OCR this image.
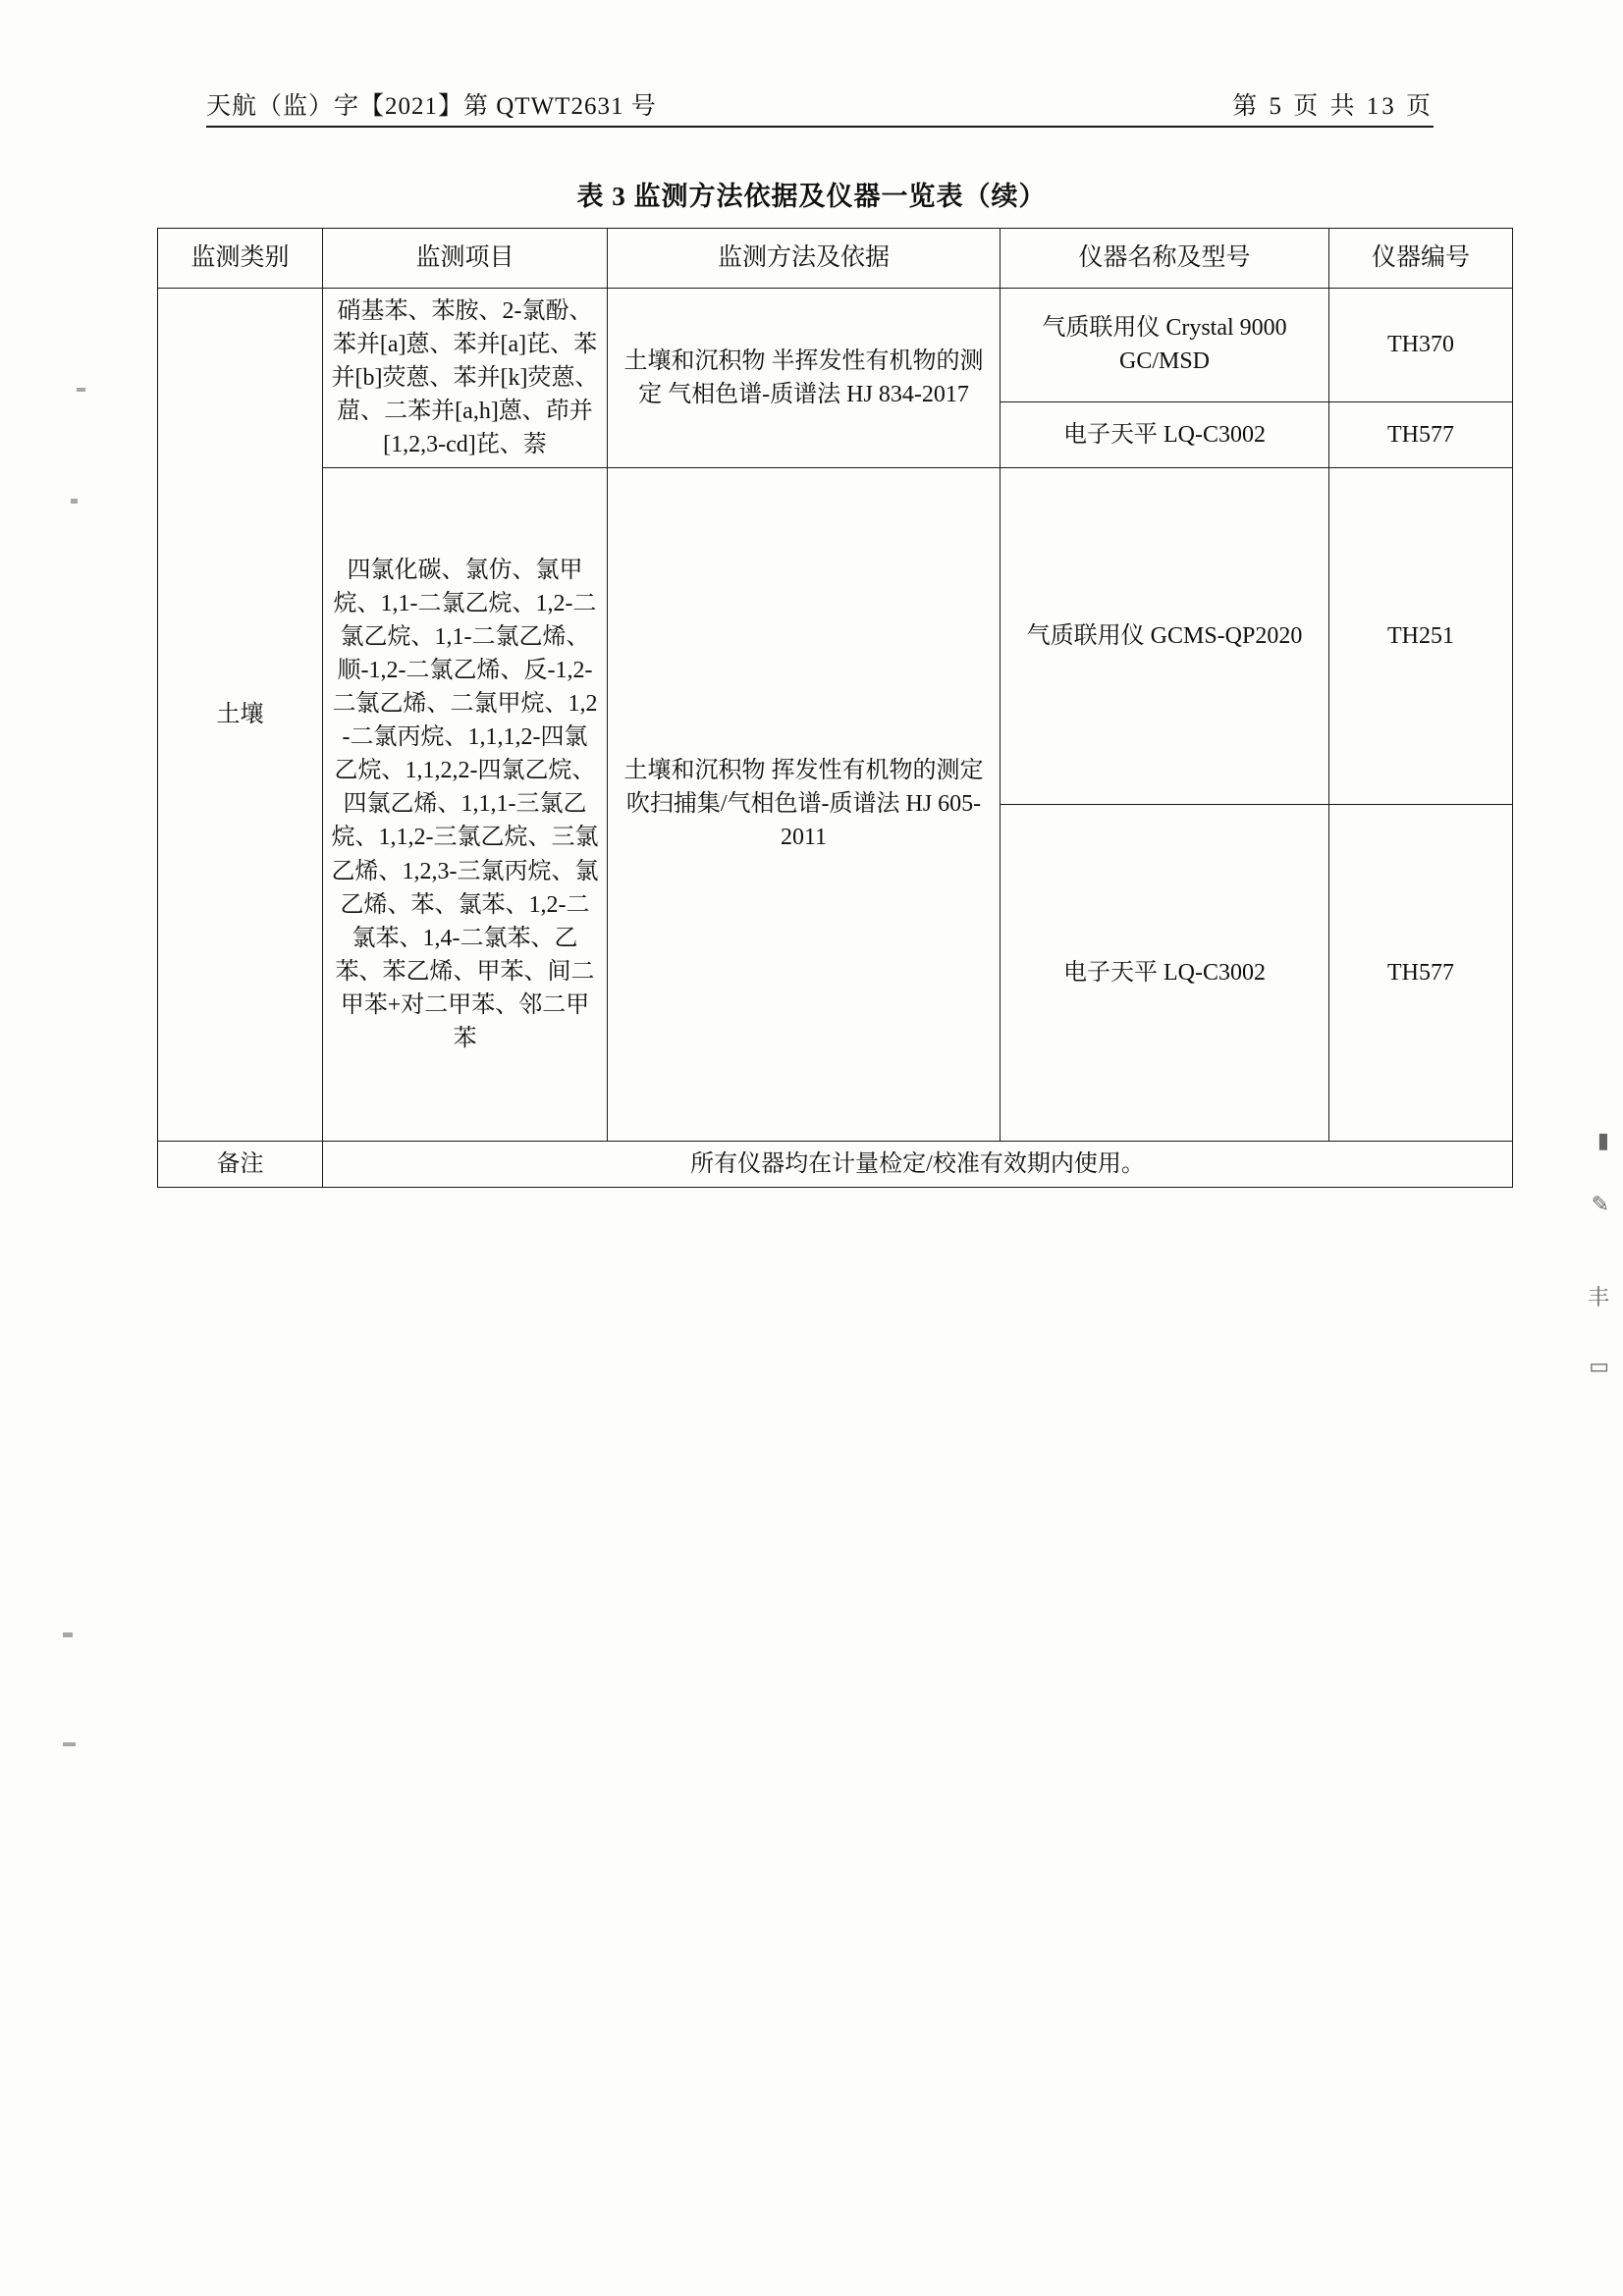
天航（监）字【2021】第 QTWT2631 号	第 5 页 共 13 页
表 3 监测方法依据及仪器一览表（续）
监测类别	监测项目	监测方法及依据	仪器名称及型号	仪器编号
土壤	硝基苯、苯胺、2-氯酚、苯并[a]蒽、苯并[a]芘、苯并[b]荧蒽、苯并[k]荧蒽、䓛、二苯并[a,h]蒽、茚并[1,2,3-cd]芘、萘	土壤和沉积物 半挥发性有机物的测定 气相色谱-质谱法 HJ 834-2017	气质联用仪 Crystal 9000 GC/MSD	TH370
			电子天平 LQ-C3002	TH577
	四氯化碳、氯仿、氯甲烷、1,1-二氯乙烷、1,2-二氯乙烷、1,1-二氯乙烯、顺-1,2-二氯乙烯、反-1,2-二氯乙烯、二氯甲烷、1,2-二氯丙烷、1,1,1,2-四氯乙烷、1,1,2,2-四氯乙烷、四氯乙烯、1,1,1-三氯乙烷、1,1,2-三氯乙烷、三氯乙烯、1,2,3-三氯丙烷、氯乙烯、苯、氯苯、1,2-二氯苯、1,4-二氯苯、乙苯、苯乙烯、甲苯、间二甲苯+对二甲苯、邻二甲苯	土壤和沉积物 挥发性有机物的测定 吹扫捕集/气相色谱-质谱法 HJ 605-2011	气质联用仪 GCMS-QP2020	TH251
			电子天平 LQ-C3002	TH577
备注	所有仪器均在计量检定/校准有效期内使用。			
▮
✎
丰
▭
